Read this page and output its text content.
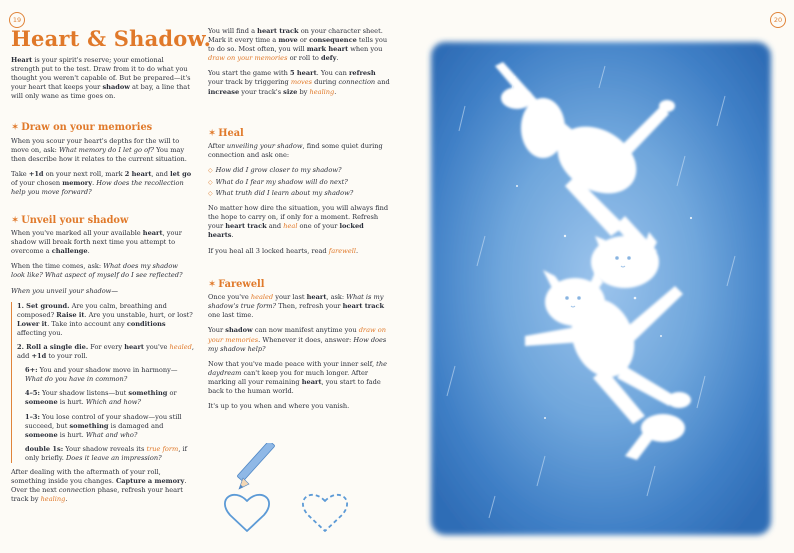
19	20
Heart & Shadow.

Heart is your spirit's reserve; your emotional strength put to the test. Draw from it to do what you thought you weren't capable of. But be prepared—it's your heart that keeps your shadow at bay, a line that will only wane as time goes on.

✶ Draw on your memories

When you scour your heart's depths for the will to move on, ask: What memory do I let go of? You may then describe how it relates to the current situation.

Take +1d on your next roll, mark 2 heart, and let go of your chosen memory. How does the recollection help you move forward?

✶ Unveil your shadow

When you've marked all your available heart, your shadow will break forth next time you attempt to overcome a challenge.

When the time comes, ask: What does my shadow look like? What aspect of myself do I see reflected?

When you unveil your shadow—

1. Set ground. Are you calm, breathing and composed? Raise it. Are you unstable, hurt, or lost? Lower it. Take into account any conditions affecting you.

2. Roll a single die. For every heart you've healed, add +1d to your roll.

6+: You and your shadow move in harmony—What do you have in common?

4–5: Your shadow listens—but something or someone is hurt. Which and how?

1–3: You lose control of your shadow—you still succeed, but something is damaged and someone is hurt. What and who?

double 1s: Your shadow reveals its true form, if only briefly. Does it leave an impression?

After dealing with the aftermath of your roll, something inside you changes. Capture a memory. Over the next connection phase, refresh your heart track by healing.

You will find a heart track on your character sheet. Mark it every time a move or consequence tells you to do so. Most often, you will mark heart when you draw on your memories or roll to defy.

You start the game with 5 heart. You can refresh your track by triggering moves during connection and increase your track's size by healing.

✶ Heal

After unveiling your shadow, find some quiet during connection and ask one:

◇ How did I grow closer to my shadow?
◇ What do I fear my shadow will do next?
◇ What truth did I learn about my shadow?

No matter how dire the situation, you will always find the hope to carry on, if only for a moment. Refresh your heart track and heal one of your locked hearts.

If you heal all 3 locked hearts, read farewell.

✶ Farewell

Once you've healed your last heart, ask: What is my shadow's true form? Then, refresh your heart track one last time.

Your shadow can now manifest anytime you draw on your memories. Whenever it does, answer: How does my shadow help?

Now that you've made peace with your inner self, the daydream can't keep you for much longer. After marking all your remaining heart, you start to fade back to the human world.

It's up to you when and where you vanish.
